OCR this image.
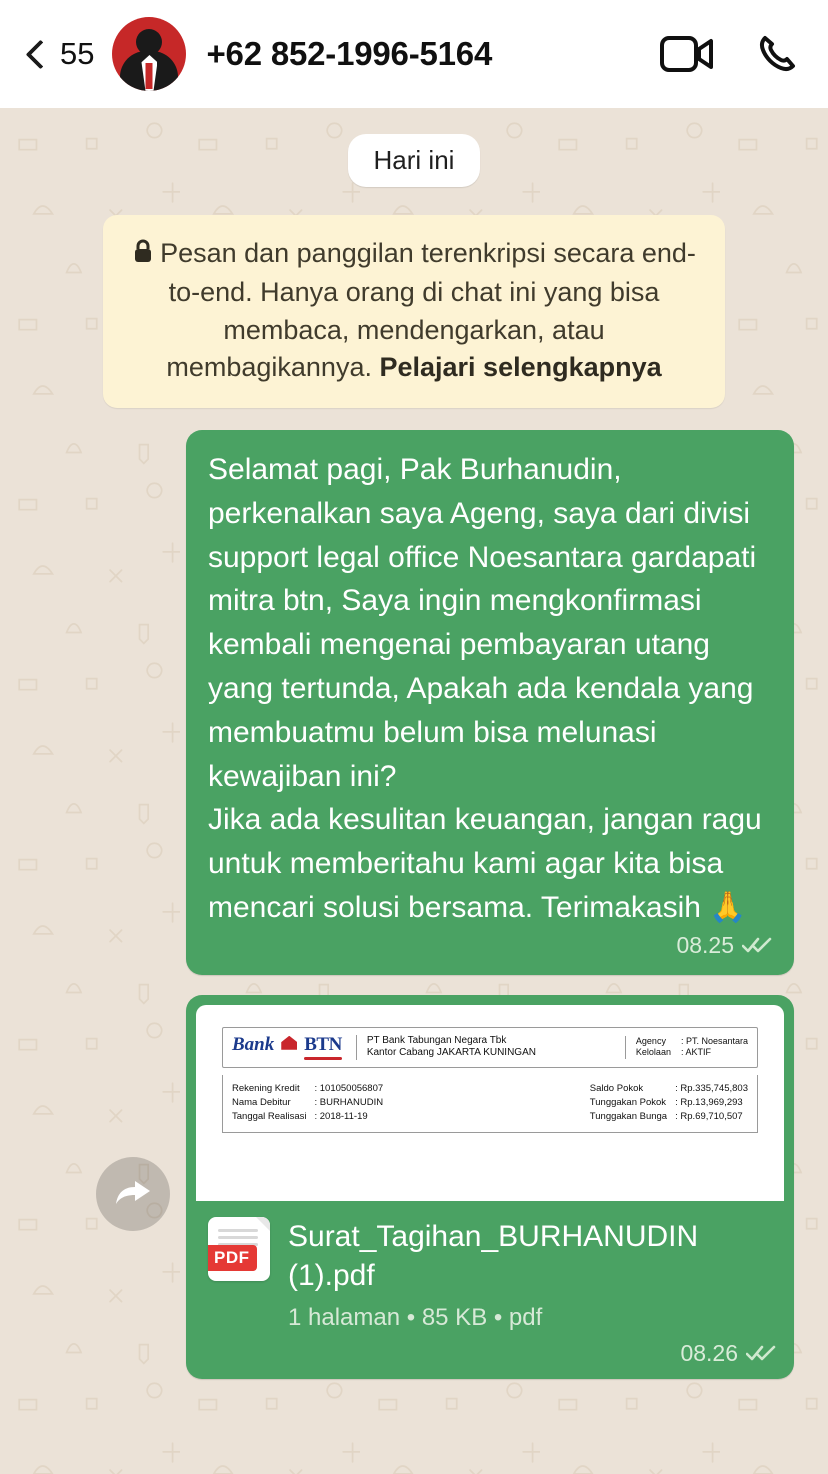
55	+62 852-1996-5164
Hari ini
Pesan dan panggilan terenkripsi secara end-to-end. Hanya orang di chat ini yang bisa membaca, mendengarkan, atau membagikannya. Pelajari selengkapnya
Selamat pagi, Pak Burhanudin, perkenalkan saya Ageng, saya dari divisi support legal office Noesantara gardapati mitra btn, Saya ingin mengkonfirmasi kembali mengenai pembayaran utang yang tertunda, Apakah ada kendala yang membuatmu belum bisa melunasi kewajiban ini?
Jika ada kesulitan keuangan, jangan ragu untuk memberitahu kami agar kita bisa mencari solusi bersama. Terimakasih 🙏
08.25
Bank BTN	PT Bank Tabungan Negara Tbk
Kantor Cabang JAKARTA KUNINGAN
Agency
Kelolaan
: PT. Noesantara
: AKTIF
Rekening Kredit
Nama Debitur
Tanggal Realisasi
: 101050056807
: BURHANUDIN
: 2018-11-19
Saldo Pokok
Tunggakan Pokok
Tunggakan Bunga
: Rp.335,745,803
: Rp.13,969,293
: Rp.69,710,507
PDF
Surat_Tagihan_BURHANUDIN (1).pdf
1 halaman • 85 KB • pdf
08.26
